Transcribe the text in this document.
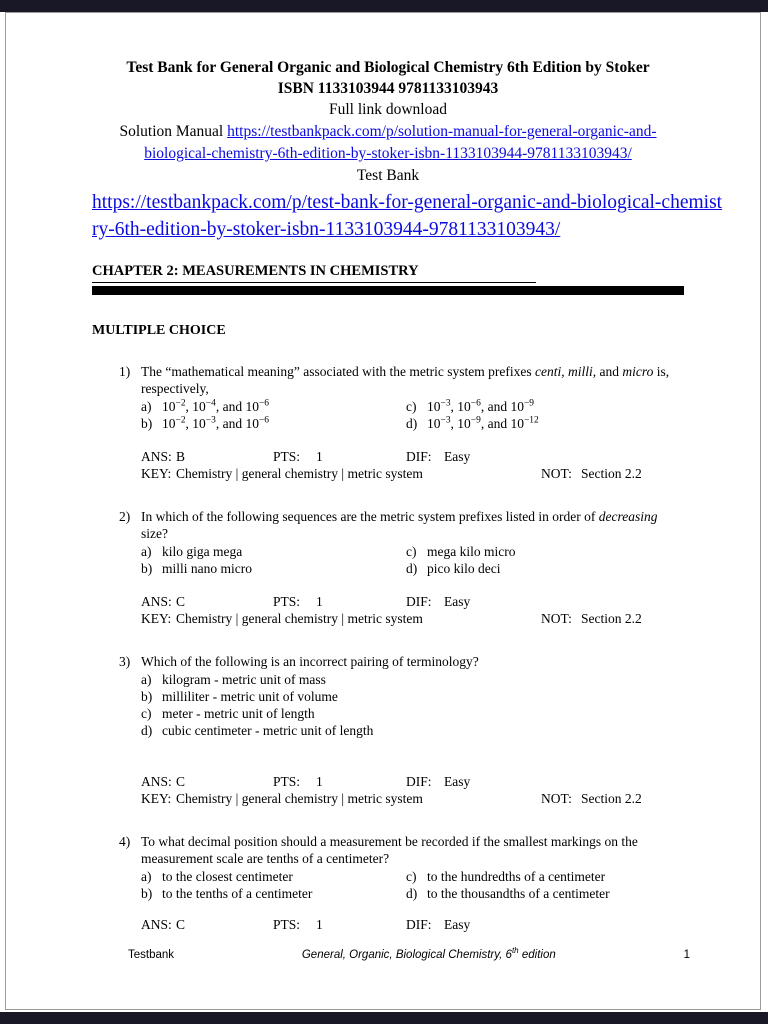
Test Bank for General Organic and Biological Chemistry 6th Edition by Stoker
ISBN 1133103944 9781133103943
Full link download
Solution Manual https://testbankpack.com/p/solution-manual-for-general-organic-and-biological-chemistry-6th-edition-by-stoker-isbn-1133103944-9781133103943/
Test Bank
https://testbankpack.com/p/test-bank-for-general-organic-and-biological-chemistry-6th-edition-by-stoker-isbn-1133103944-9781133103943/
CHAPTER 2: MEASUREMENTS IN CHEMISTRY
MULTIPLE CHOICE
1) The “mathematical meaning” associated with the metric system prefixes centi, milli, and micro is, respectively,
a) $10^{-2}$, $10^{-4}$, and $10^{-6}$	c) $10^{-3}$, $10^{-6}$, and $10^{-9}$
b) $10^{-2}$, $10^{-3}$, and $10^{-6}$	d) $10^{-3}$, $10^{-9}$, and $10^{-12}$
ANS: B	PTS:	1	DIF: Easy
KEY: Chemistry | general chemistry | metric system	NOT: Section 2.2
2) In which of the following sequences are the metric system prefixes listed in order of decreasing size?
a) kilo giga mega	c) mega kilo micro
b) milli nano micro	d) pico kilo deci
ANS: C	PTS:	1	DIF: Easy
KEY: Chemistry | general chemistry | metric system	NOT: Section 2.2
3) Which of the following is an incorrect pairing of terminology?
a) kilogram - metric unit of mass
b) milliliter - metric unit of volume
c) meter - metric unit of length
d) cubic centimeter - metric unit of length
ANS: C	PTS:	1	DIF: Easy
KEY: Chemistry | general chemistry | metric system	NOT: Section 2.2
4) To what decimal position should a measurement be recorded if the smallest markings on the measurement scale are tenths of a centimeter?
a) to the closest centimeter	c) to the hundredths of a centimeter
b) to the tenths of a centimeter	d) to the thousandths of a centimeter
ANS: C	PTS:	1	DIF: Easy
Testbank	General, Organic, Biological Chemistry, 6th edition	1
